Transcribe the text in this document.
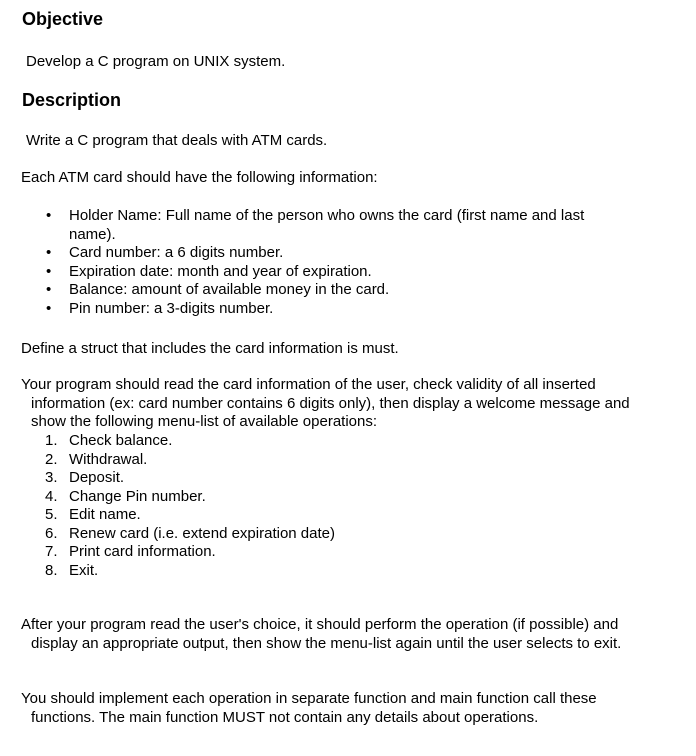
Objective

Develop a C program on UNIX system.

Description

Write a C program that deals with ATM cards.

Each ATM card should have the following information:

• Holder Name: Full name of the person who owns the card (first name and last name).
• Card number: a 6 digits number.
• Expiration date: month and year of expiration.
• Balance: amount of available money in the card.
• Pin number: a 3-digits number.

Define a struct that includes the card information is must.

Your program should read the card information of the user, check validity of all inserted information (ex: card number contains 6 digits only), then display a welcome message and show the following menu-list of available operations:

1. Check balance.
2. Withdrawal.
3. Deposit.
4. Change Pin number.
5. Edit name.
6. Renew card (i.e. extend expiration date)
7. Print card information.
8. Exit.

After your program read the user's choice, it should perform the operation (if possible) and display an appropriate output, then show the menu-list again until the user selects to exit.

You should implement each operation in separate function and main function call these functions. The main function MUST not contain any details about operations.
